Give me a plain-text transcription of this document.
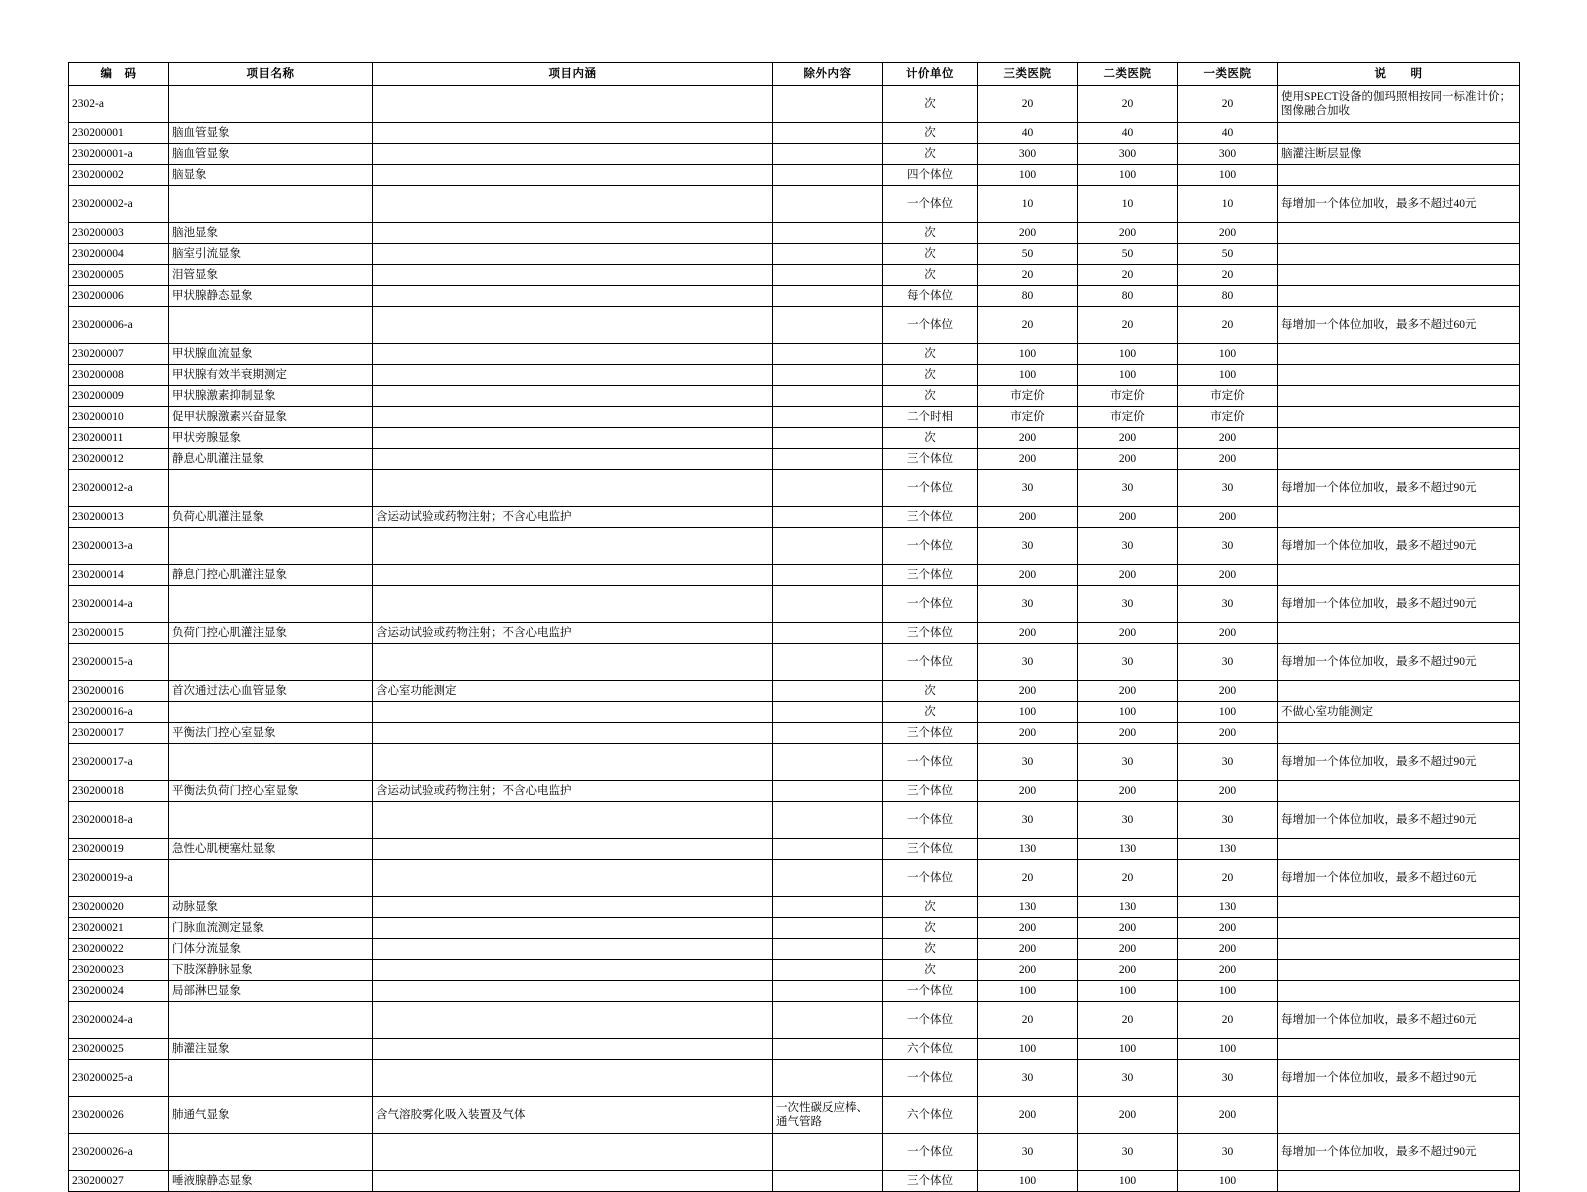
编　码	项目名称	项目内涵	除外内容	计价单位	三类医院	二类医院	一类医院	说　　明
2302-a				次	20	20	20	使用SPECT设备的伽玛照相按同一标准计价；图像融合加收
230200001	脑血管显象			次	40	40	40	
230200001-a	脑血管显象			次	300	300	300	脑灌注断层显像
230200002	脑显象			四个体位	100	100	100	
230200002-a				一个体位	10	10	10	每增加一个体位加收，最多不超过40元
230200003	脑池显象			次	200	200	200	
230200004	脑室引流显象			次	50	50	50	
230200005	泪管显象			次	20	20	20	
230200006	甲状腺静态显象			每个体位	80	80	80	
230200006-a				一个体位	20	20	20	每增加一个体位加收，最多不超过60元
230200007	甲状腺血流显象			次	100	100	100	
230200008	甲状腺有效半衰期测定			次	100	100	100	
230200009	甲状腺激素抑制显象			次	市定价	市定价	市定价	
230200010	促甲状腺激素兴奋显象			二个时相	市定价	市定价	市定价	
230200011	甲状旁腺显象			次	200	200	200	
230200012	静息心肌灌注显象			三个体位	200	200	200	
230200012-a				一个体位	30	30	30	每增加一个体位加收，最多不超过90元
230200013	负荷心肌灌注显象	含运动试验或药物注射；不含心电监护		三个体位	200	200	200	
230200013-a				一个体位	30	30	30	每增加一个体位加收，最多不超过90元
230200014	静息门控心肌灌注显象			三个体位	200	200	200	
230200014-a				一个体位	30	30	30	每增加一个体位加收，最多不超过90元
230200015	负荷门控心肌灌注显象	含运动试验或药物注射；不含心电监护		三个体位	200	200	200	
230200015-a				一个体位	30	30	30	每增加一个体位加收，最多不超过90元
230200016	首次通过法心血管显象	含心室功能测定		次	200	200	200	
230200016-a				次	100	100	100	不做心室功能测定
230200017	平衡法门控心室显象			三个体位	200	200	200	
230200017-a				一个体位	30	30	30	每增加一个体位加收，最多不超过90元
230200018	平衡法负荷门控心室显象	含运动试验或药物注射；不含心电监护		三个体位	200	200	200	
230200018-a				一个体位	30	30	30	每增加一个体位加收，最多不超过90元
230200019	急性心肌梗塞灶显象			三个体位	130	130	130	
230200019-a				一个体位	20	20	20	每增加一个体位加收，最多不超过60元
230200020	动脉显象			次	130	130	130	
230200021	门脉血流测定显象			次	200	200	200	
230200022	门体分流显象			次	200	200	200	
230200023	下肢深静脉显象			次	200	200	200	
230200024	局部淋巴显象			一个体位	100	100	100	
230200024-a				一个体位	20	20	20	每增加一个体位加收，最多不超过60元
230200025	肺灌注显象			六个体位	100	100	100	
230200025-a				一个体位	30	30	30	每增加一个体位加收，最多不超过90元
230200026	肺通气显象	含气溶胶雾化吸入装置及气体	一次性碳反应棒、通气管路	六个体位	200	200	200	
230200026-a				一个体位	30	30	30	每增加一个体位加收，最多不超过90元
230200027	唾液腺静态显象			三个体位	100	100	100	
